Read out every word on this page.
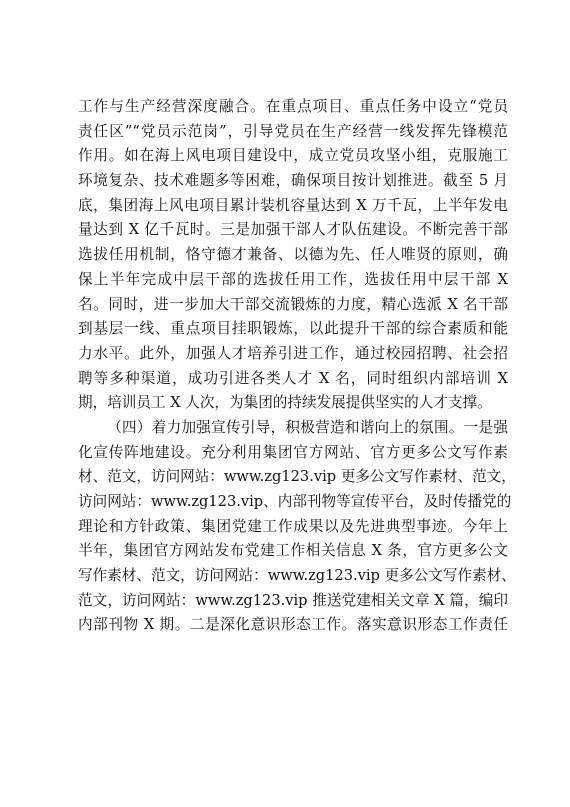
工作与生产经营深度融合。在重点项目、重点任务中设立“党员
责任区”“党员示范岗”，引导党员在生产经营一线发挥先锋模范
作用。如在海上风电项目建设中，成立党员攻坚小组，克服施工
环境复杂、技术难题多等困难，确保项目按计划推进。截至 5 月
底，集团海上风电项目累计装机容量达到 X 万千瓦，上半年发电
量达到 X 亿千瓦时。三是加强干部人才队伍建设。不断完善干部
选拔任用机制，恪守德才兼备、以德为先、任人唯贤的原则，确
保上半年完成中层干部的选拔任用工作，选拔任用中层干部 X
名。同时，进一步加大干部交流锻炼的力度，精心选派 X 名干部
到基层一线、重点项目挂职锻炼，以此提升干部的综合素质和能
力水平。此外，加强人才培养引进工作，通过校园招聘、社会招
聘等多种渠道，成功引进各类人才 X 名，同时组织内部培训 X
期，培训员工 X 人次，为集团的持续发展提供坚实的人才支撑。
（四）着力加强宣传引导，积极营造和谐向上的氛围。一是强
化宣传阵地建设。充分利用集团官方网站、官方更多公文写作素
材、范文，访问网站：www.zg123.vip 更多公文写作素材、范文，
访问网站：www.zg123.vip、内部刊物等宣传平台，及时传播党的
理论和方针政策、集团党建工作成果以及先进典型事迹。今年上
半年，集团官方网站发布党建工作相关信息 X 条，官方更多公文
写作素材、范文，访问网站：www.zg123.vip 更多公文写作素材、
范文，访问网站：www.zg123.vip 推送党建相关文章 X 篇，编印
内部刊物 X 期。二是深化意识形态工作。落实意识形态工作责任
